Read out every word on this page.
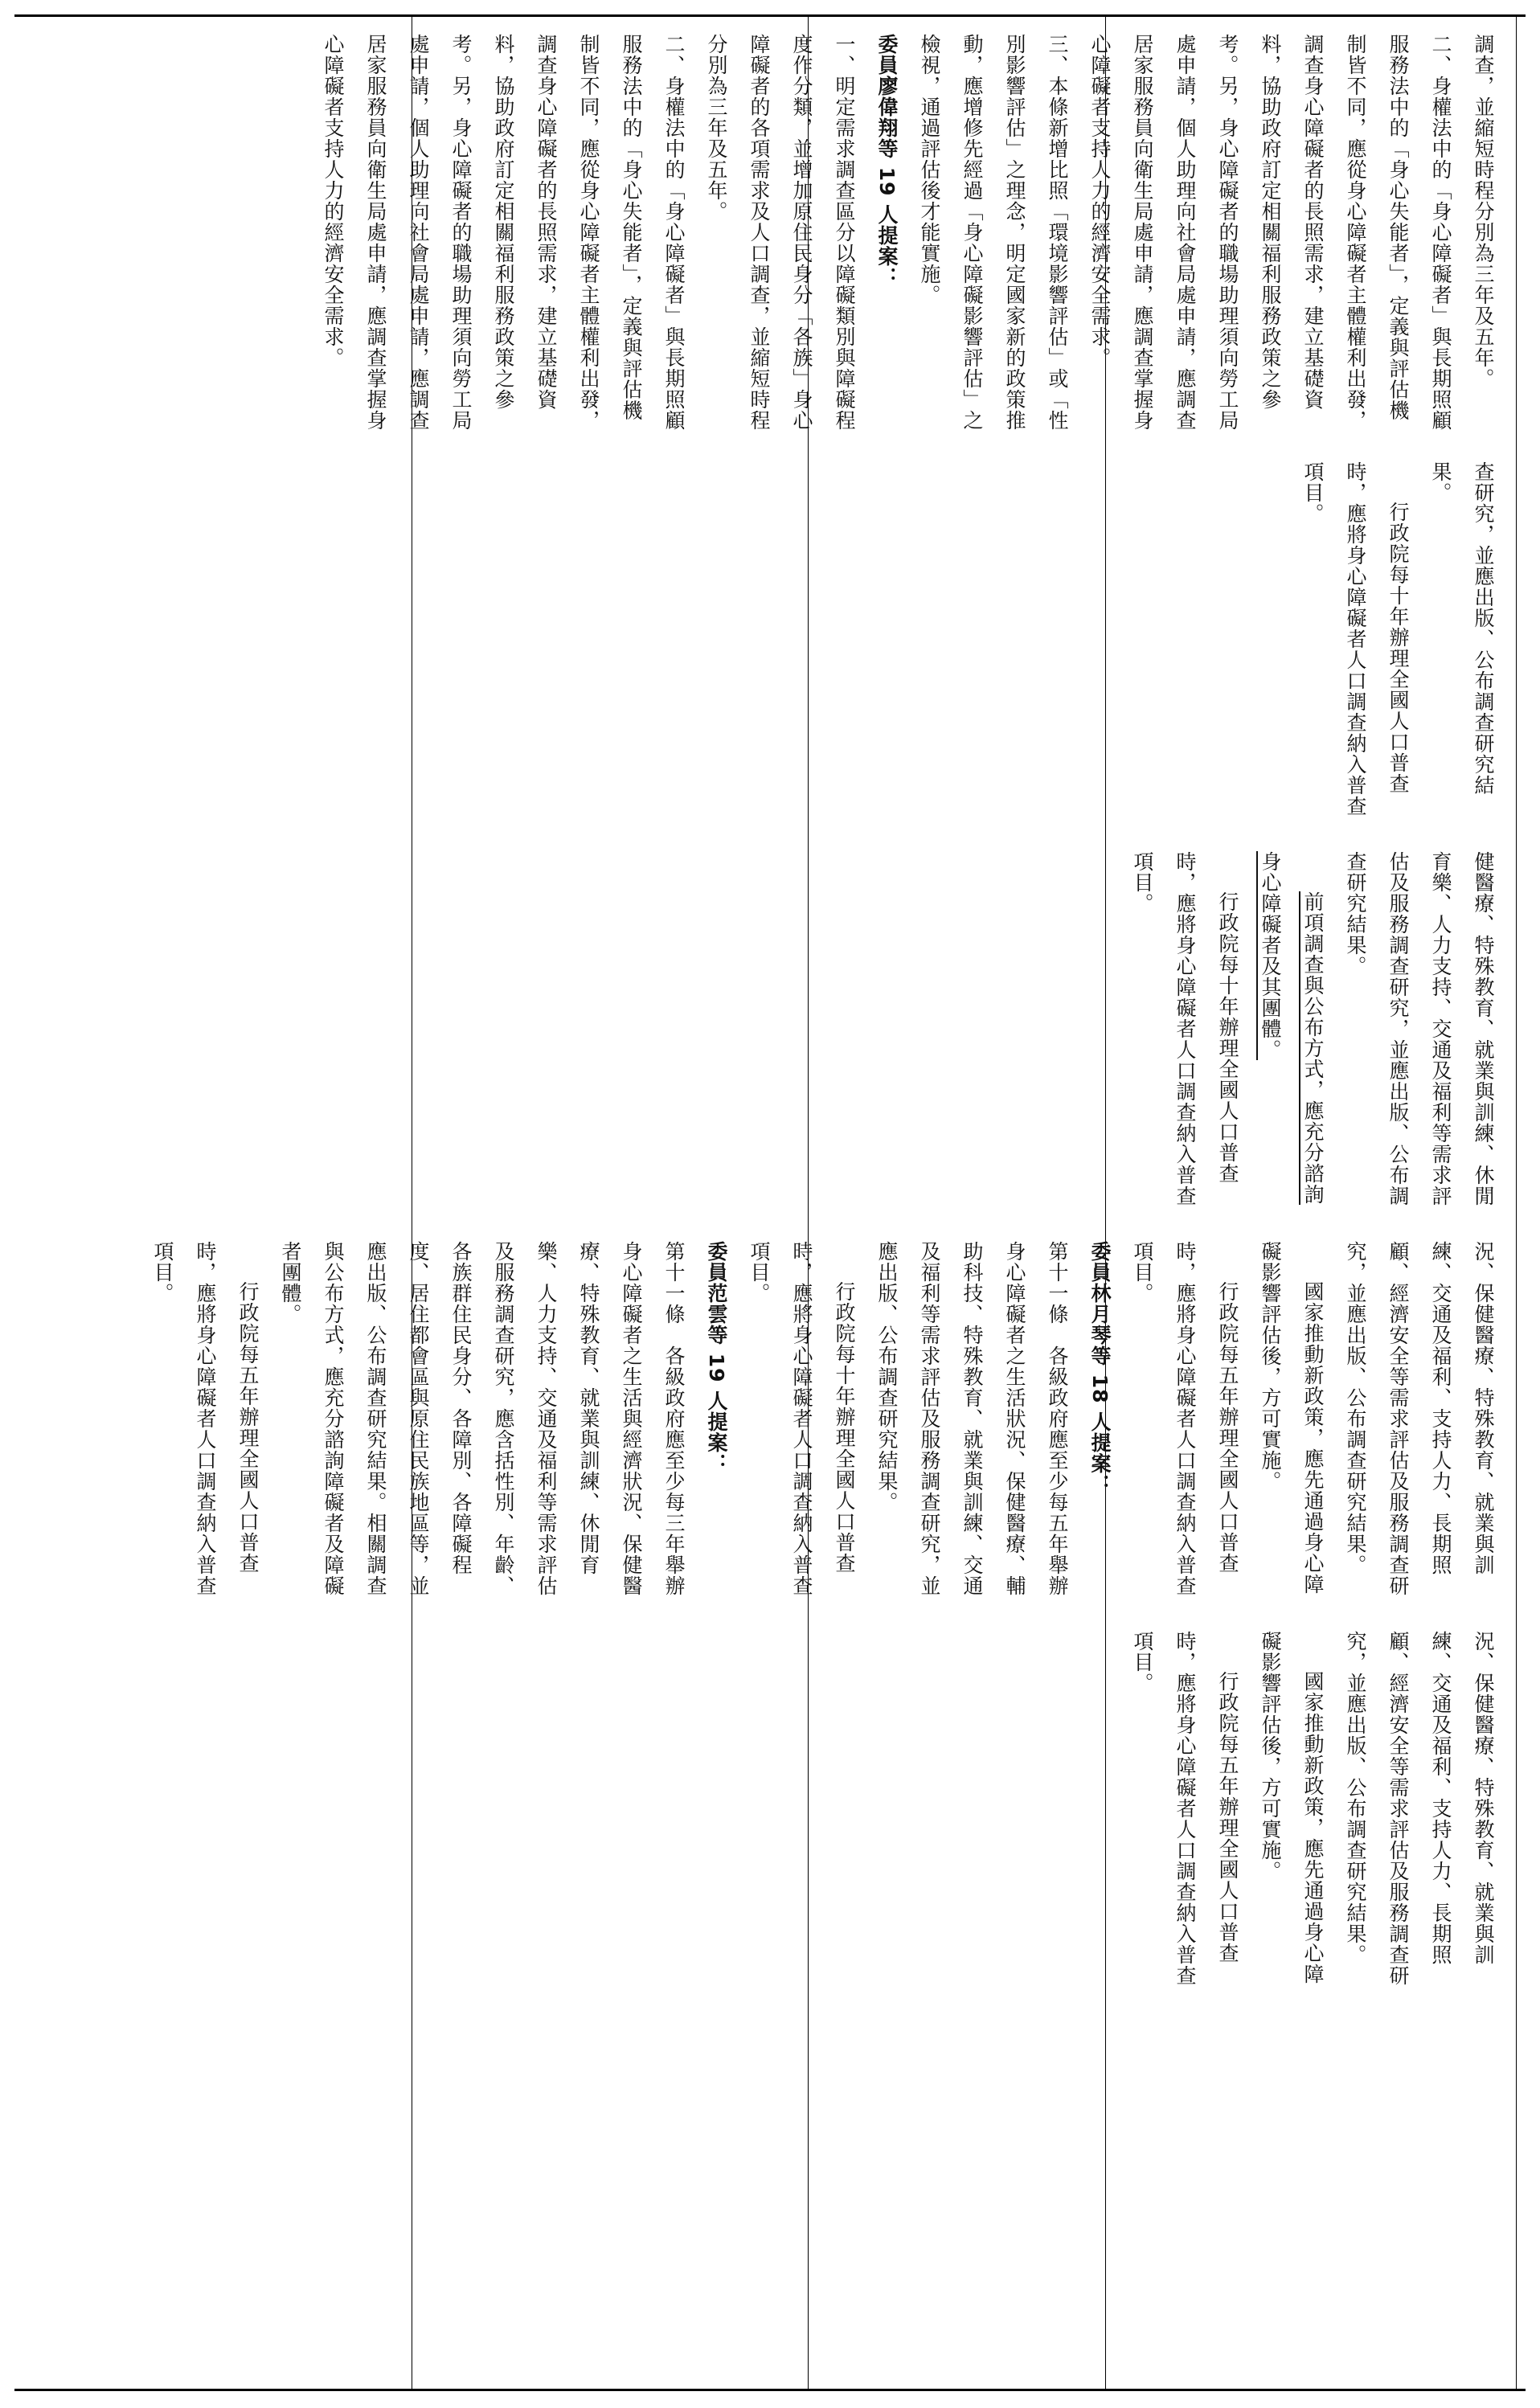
調查，並縮短時程分別為三年及五年。
二、身權法中的「身心障礙者」與長期照顧服務法中的「身心失能者」，定義與評估機制皆不同，應從身心障礙者主體權利出發，調查身心障礙者的長照需求，建立基礎資料，協助政府訂定相關福利服務政策之參考。另，身心障礙者的職場助理須向勞工局處申請，個人助理向社會局處申請，應調查居家服務員向衛生局處申請，應調查掌握身心障礙者支持人力的經濟安全需求。
三、本條新增比照「環境影響評估」或「性別影響評估」之理念，明定國家新的政策推動，應增修先經過「身心障礙影響評估」之檢視，通過評估後才能實施。
委員廖偉翔等 19 人提案：
一、明定需求調查區分以障礙類別與障礙程度作分類，並增加原住民身分「各族」身心障礙者的各項需求及人口調查，並縮短時程分別為三年及五年。
二、身權法中的「身心障礙者」與長期照顧服務法中的「身心失能者」，定義與評估機制皆不同，應從身心障礙者主體權利出發，調查身心障礙者的長照需求，建立基礎資料，協助政府訂定相關福利服務政策之參考。另，身心障礙者的職場助理須向勞工局處申請，個人助理向社會局處申請，應調查居家服務員向衛生局處申請，應調查掌握身心障礙者支持人力的經濟安全需求。
查研究，並應出版、公布調查研究結果。
行政院每十年辦理全國人口普查時，應將身心障礙者人口調查納入普查項目。
健醫療、特殊教育、就業與訓練、休閒育樂、人力支持、交通及福利等需求評估及服務調查研究，並應出版、公布調查研究結果。
前項調查與公布方式，應充分諮詢身心障礙者及其團體。
行政院每十年辦理全國人口普查時，應將身心障礙者人口調查納入普查項目。
況、保健醫療、特殊教育、就業與訓練、交通及福利、支持人力、長期照顧、經濟安全等需求評估及服務調查研究，並應出版、公布調查研究結果。
國家推動新政策，應先通過身心障礙影響評估後，方可實施。
行政院每五年辦理全國人口普查時，應將身心障礙者人口調查納入普查項目。
委員林月琴等 18 人提案：
第十一條　各級政府應至少每五年舉辦身心障礙者之生活狀況、保健醫療、輔助科技、特殊教育、就業與訓練、交通及福利等需求評估及服務調查研究，並應出版、公布調查研究結果。
行政院每十年辦理全國人口普查時，應將身心障礙者人口調查納入普查項目。
委員范雲等 19 人提案：
第十一條　各級政府應至少每三年舉辦身心障礙者之生活與經濟狀況、保健醫療、特殊教育、就業與訓練、休閒育樂、人力支持、交通及福利等需求評估及服務調查研究，應含括性別、年齡、各族群住民身分、各障別、各障礙程度、居住都會區與原住民族地區等，並應出版、公布調查研究結果。相關調查與公布方式，應充分諮詢障礙者及障礙者團體。
行政院每五年辦理全國人口普查時，應將身心障礙者人口調查納入普查項目。
況、保健醫療、特殊教育、就業與訓練、交通及福利、支持人力、長期照顧、經濟安全等需求評估及服務調查研究，並應出版、公布調查研究結果。
國家推動新政策，應先通過身心障礙影響評估後，方可實施。
行政院每五年辦理全國人口普查時，應將身心障礙者人口調查納入普查項目。
